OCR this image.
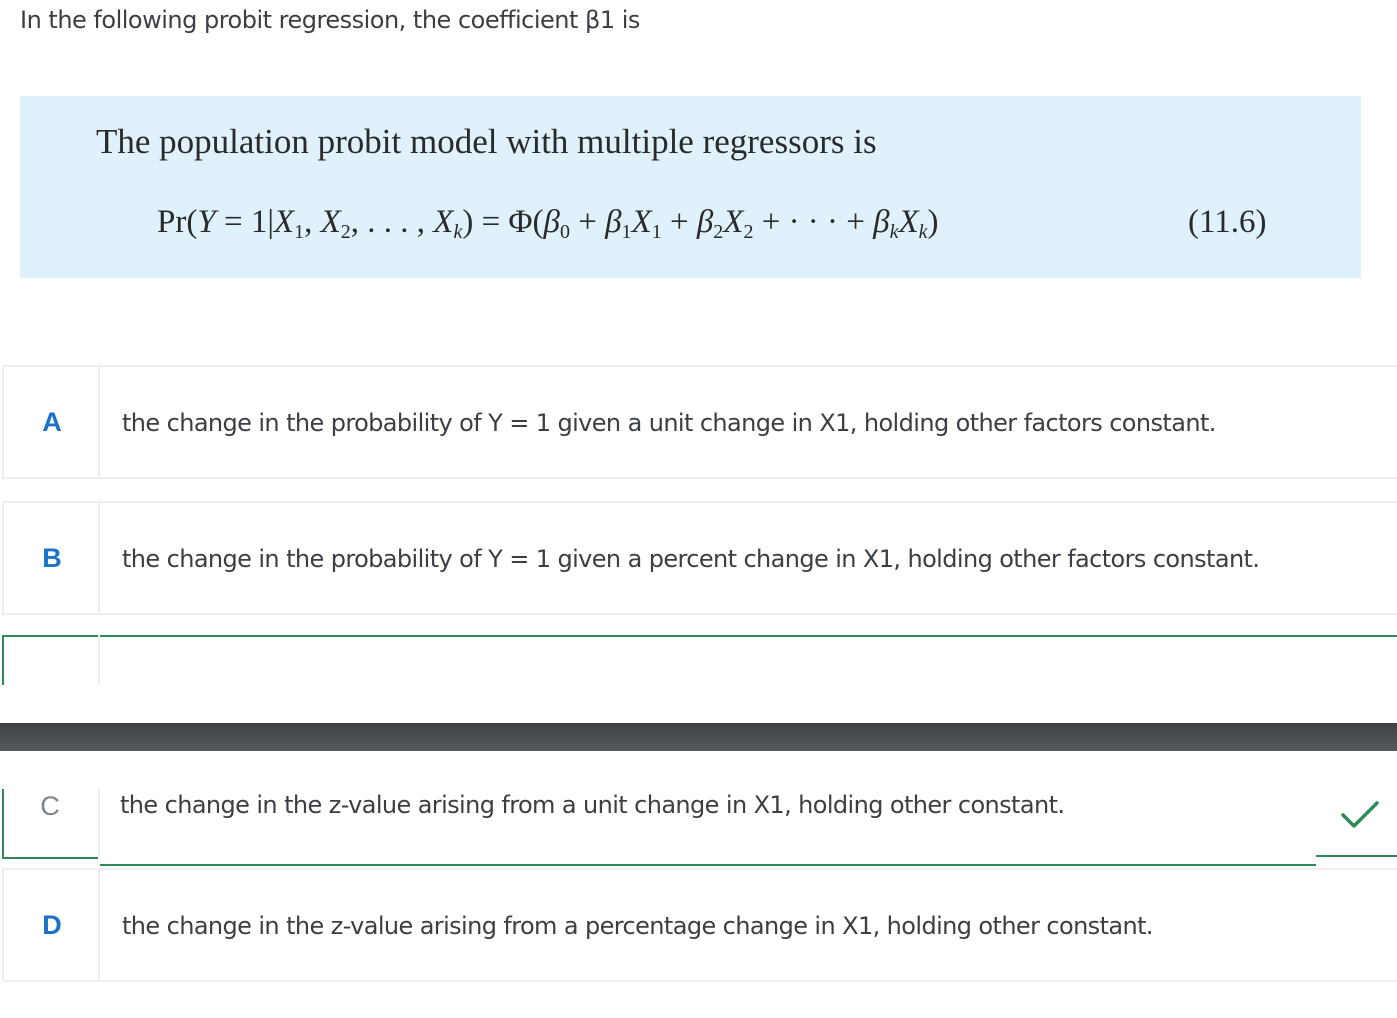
In the following probit regression, the coefficient β1 is
The population probit model with multiple regressors is
$Pr(Y = 1|X_1$, $X_2$, . . . , $X_k) = \Phi(\beta_0 + \beta_1X_1 + \beta_2X_2$ + · · · + $\beta_kX_k$)	(11.6)
A	the change in the probability of Y = 1 given a unit change in X1, holding other factors constant.
B	the change in the probability of Y = 1 given a percent change in X1, holding other factors constant.
C	the change in the z-value arising from a unit change in X1, holding other constant.
D	the change in the z-value arising from a percentage change in X1, holding other constant.
